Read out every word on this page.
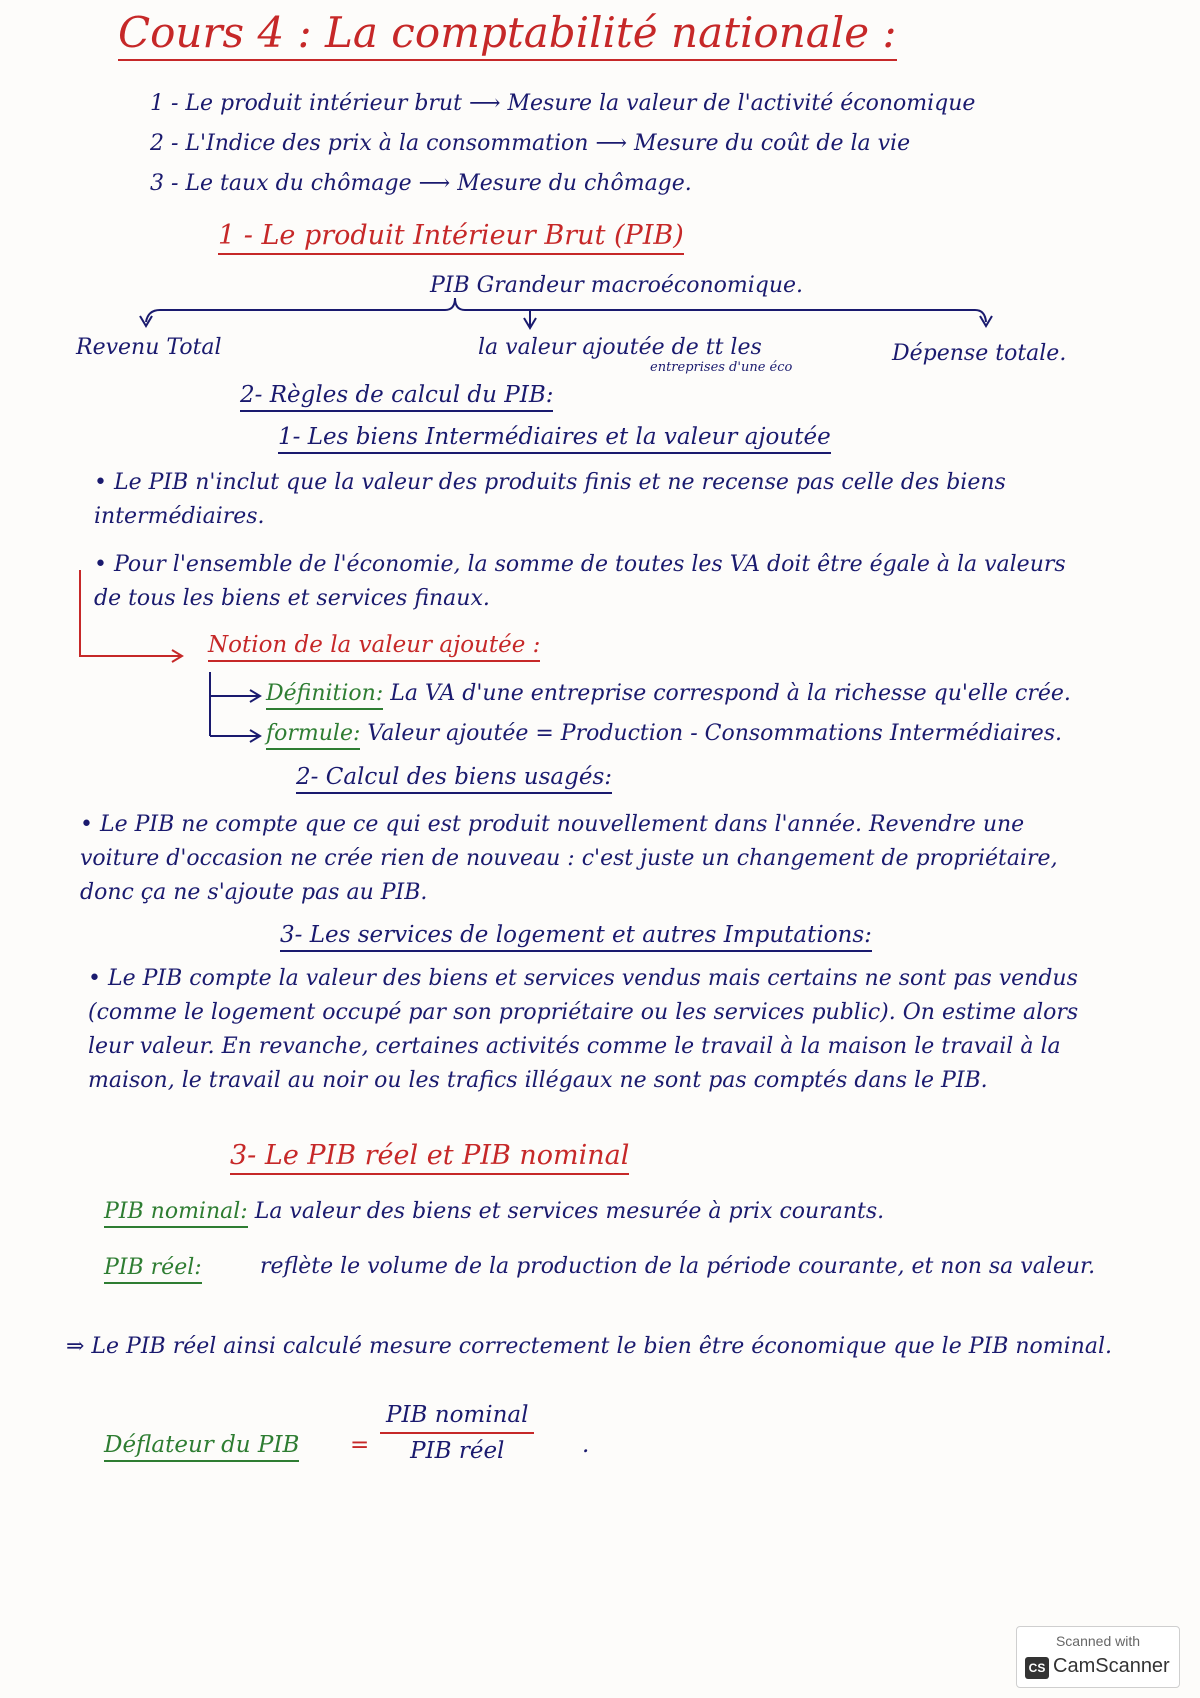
Cours 4 : La comptabilité nationale :
1 - Le produit intérieur brut ⟶ Mesure la valeur de l'activité économique
2 - L'Indice des prix à la consommation ⟶ Mesure du coût de la vie
3 - Le taux du chômage ⟶ Mesure du chômage.
1 - Le produit Intérieur Brut (PIB)
PIB Grandeur macroéconomique.
Revenu Total	la valeur ajoutée de tt les
entreprises d'une éco
Dépense totale.
2- Règles de calcul du PIB:
1- Les biens Intermédiaires et la valeur ajoutée
• Le PIB n'inclut que la valeur des produits finis et ne recense pas celle des biens intermédiaires.
• Pour l'ensemble de l'économie, la somme de toutes les VA doit être égale à la valeurs de tous les biens et services finaux.
Notion de la valeur ajoutée :
Définition: La VA d'une entreprise correspond à la richesse qu'elle crée.
formule: Valeur ajoutée = Production - Consommations Intermédiaires.
2- Calcul des biens usagés:
• Le PIB ne compte que ce qui est produit nouvellement dans l'année. Revendre une voiture d'occasion ne crée rien de nouveau : c'est juste un changement de propriétaire, donc ça ne s'ajoute pas au PIB.
3- Les services de logement et autres Imputations:
• Le PIB compte la valeur des biens et services vendus mais certains ne sont pas vendus (comme le logement occupé par son propriétaire ou les services public). On estime alors leur valeur. En revanche, certaines activités comme le travail à la maison le travail à la maison, le travail au noir ou les trafics illégaux ne sont pas comptés dans le PIB.
3- Le PIB réel et PIB nominal
PIB nominal: La valeur des biens et services mesurée à prix courants.
PIB réel:	reflète le volume de la production de la période courante, et non sa valeur.
⇒ Le PIB réel ainsi calculé mesure correctement le bien être économique que le PIB nominal.
Déflateur du PIB =
PIB nominal
PIB réel	.
Scanned with
CS CamScanner
